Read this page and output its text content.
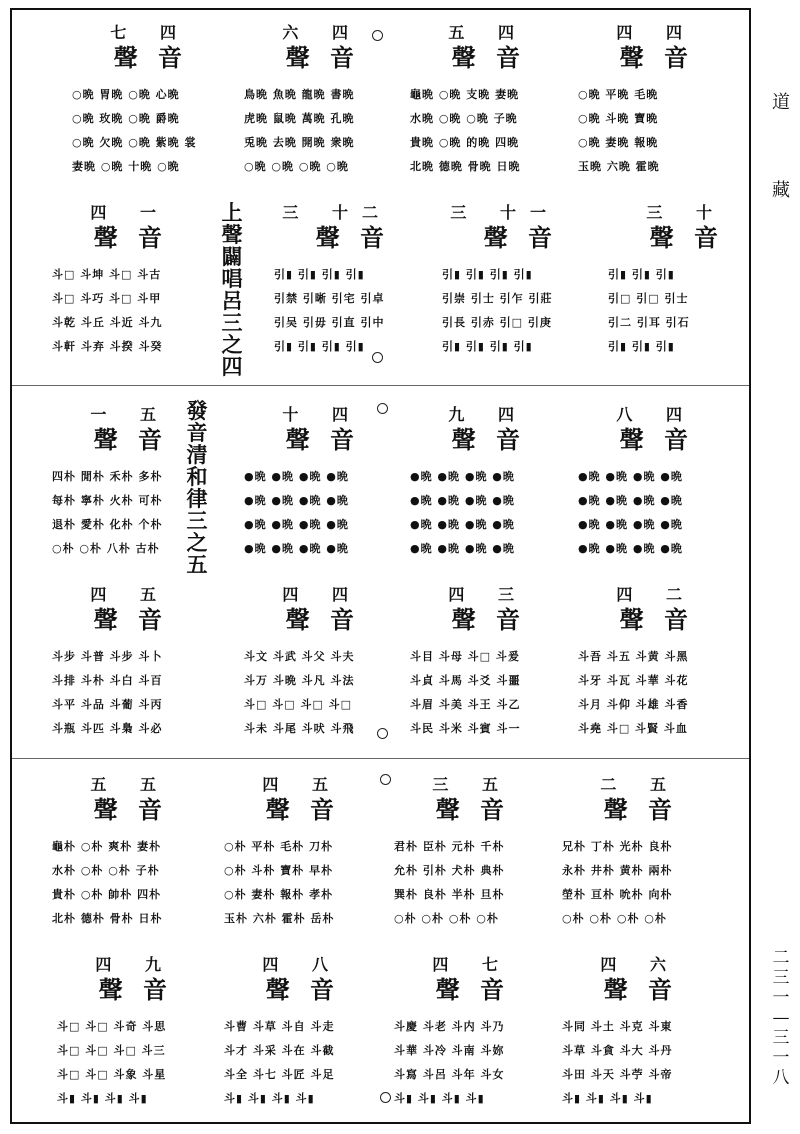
上聲闢唱呂三之四
發音清和律三之五
七 四
聲 音
○晩 胃晩 ○晩 心晩
○晩 玫晩 ○晩 爵晩
○晩 欠晩 ○晩 紫晩 裳
妻晩 ○晩 十晩 ○晩
六 四
聲 音
鳥晩 魚晩 龍晩 書晩
虎晩 鼠晩 萬晩 孔晩
兎晩 去晩 開晩 衆晩
○晩 ○晩 ○晩 ○晩
五 四
聲 音
龜晩 ○晩 支晩 妻晩
水晩 ○晩 ○晩 子晩
貴晩 ○晩 的晩 四晩
北晩 德晩 骨晩 日晩
四 四
聲 音
○晩 平晩 毛晩
○晩 斗晩 寶晩
○晩 妻晩 報晩
玉晩 六晩 霍晩
四 一
聲 音
斗□ 斗坤 斗□ 斗古
斗□ 斗巧 斗□ 斗甲
斗乾 斗丘 斗近 斗九
斗軒 斗弃 斗揆 斗癸
三 十二
聲 音
引▮ 引▮ 引▮ 引▮
引禁 引晰 引宅 引卓
引吴 引毋 引直 引中
引▮ 引▮ 引▮ 引▮
三 十一
聲 音
引▮ 引▮ 引▮ 引▮
引崇 引士 引乍 引莊
引長 引赤 引□ 引庚
引▮ 引▮ 引▮ 引▮
三 十
聲 音
引▮ 引▮ 引▮
引□ 引□ 引士
引二 引耳 引石
引▮ 引▮ 引▮
一 五
聲 音
四朴 閒朴 禾朴 多朴
每朴 寧朴 火朴 可朴
退朴 愛朴 化朴 个朴
○朴 ○朴 八朴 古朴
十 四
聲 音
●晩 ●晩 ●晩 ●晩
●晩 ●晩 ●晩 ●晩
●晩 ●晩 ●晩 ●晩
●晩 ●晩 ●晩 ●晩
九 四
聲 音
●晩 ●晩 ●晩 ●晩
●晩 ●晩 ●晩 ●晩
●晩 ●晩 ●晩 ●晩
●晩 ●晩 ●晩 ●晩
八 四
聲 音
●晩 ●晩 ●晩 ●晩
●晩 ●晩 ●晩 ●晩
●晩 ●晩 ●晩 ●晩
●晩 ●晩 ●晩 ●晩
四 五
聲 音
斗步 斗普 斗步 斗卜
斗排 斗朴 斗白 斗百
斗平 斗品 斗葡 斗丙
斗瓶 斗匹 斗梟 斗必
四 四
聲 音
斗文 斗武 斗父 斗夫
斗万 斗晩 斗凡 斗法
斗□ 斗□ 斗□ 斗□
斗未 斗尾 斗吠 斗飛
四 三
聲 音
斗目 斗母 斗□ 斗爰
斗貞 斗馬 斗爻 斗噩
斗眉 斗美 斗王 斗乙
斗民 斗米 斗賓 斗一
四 二
聲 音
斗吾 斗五 斗黄 斗黑
斗牙 斗瓦 斗華 斗花
斗月 斗仰 斗雄 斗香
斗堯 斗□ 斗賢 斗血
五 五
聲 音
龜朴 ○朴 爽朴 妻朴
水朴 ○朴 ○朴 子朴
貴朴 ○朴 帥朴 四朴
北朴 德朴 骨朴 日朴
四 五
聲 音
○朴 平朴 毛朴 刀朴
○朴 斗朴 寶朴 早朴
○朴 妻朴 報朴 孝朴
玉朴 六朴 霍朴 岳朴
三 五
聲 音
君朴 臣朴 元朴 千朴
允朴 引朴 犬朴 典朴
巽朴 良朴 半朴 旦朴
○朴 ○朴 ○朴 ○朴
二 五
聲 音
兄朴 丁朴 光朴 良朴
永朴 井朴 黄朴 兩朴
塋朴 亘朴 吮朴 向朴
○朴 ○朴 ○朴 ○朴
四 九
聲 音
斗□ 斗□ 斗奇 斗思
斗□ 斗□ 斗□ 斗三
斗□ 斗□ 斗象 斗星
斗▮ 斗▮ 斗▮ 斗▮
四 八
聲 音
斗曹 斗草 斗自 斗走
斗才 斗采 斗在 斗截
斗全 斗七 斗匠 斗足
斗▮ 斗▮ 斗▮ 斗▮
四 七
聲 音
斗慶 斗老 斗内 斗乃
斗華 斗冷 斗南 斗妳
斗寫 斗呂 斗年 斗女
斗▮ 斗▮ 斗▮ 斗▮
四 六
聲 音
斗同 斗土 斗克 斗東
斗草 斗貪 斗大 斗丹
斗田 斗天 斗苧 斗帝
斗▮ 斗▮ 斗▮ 斗▮
道
藏
二三一—三一八
